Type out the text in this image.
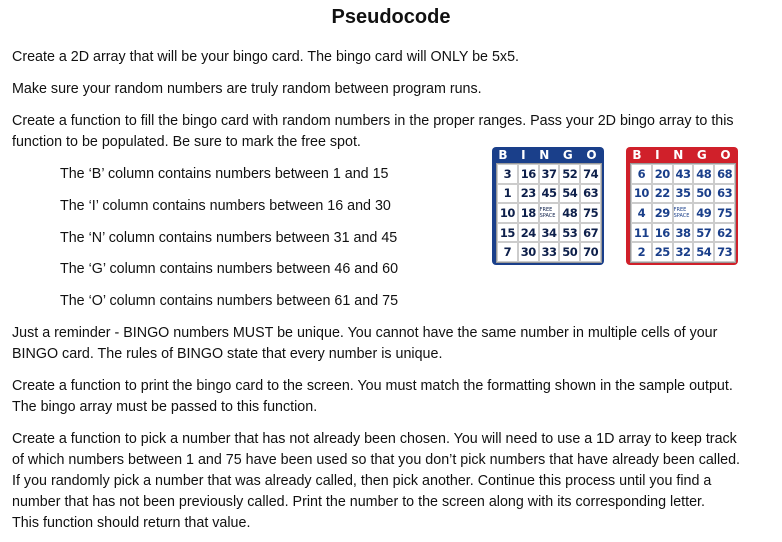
Pseudocode

Create a 2D array that will be your bingo card. The bingo card will ONLY be 5x5.

Make sure your random numbers are truly random between program runs.

Create a function to fill the bingo card with random numbers in the proper ranges. Pass your 2D bingo array to this

function to be populated. Be sure to mark the free spot.

The ‘B’ column contains numbers between 1 and 15

The ‘I’ column contains numbers between 16 and 30

The ‘N’ column contains numbers between 31 and 45

The ‘G’ column contains numbers between 46 and 60

The ‘O’ column contains numbers between 61 and 75

Just a reminder - BINGO numbers MUST be unique. You cannot have the same number in multiple cells of your

BINGO card. The rules of BINGO state that every number is unique.

Create a function to print the bingo card to the screen. You must match the formatting shown in the sample output.

The bingo array must be passed to this function.

Create a function to pick a number that has not already been chosen. You will need to use a 1D array to keep track

of which numbers between 1 and 75 have been used so that you don’t pick numbers that have already been called.

If you randomly pick a number that was already called, then pick another. Continue this process until you find a

number that has not been previously called. Print the number to the screen along with its corresponding letter.

This function should return that value.

B I N G O
3 16 37 52 74
1 23 45 54 63
10 18 FREE SPACE 48 75
15 24 34 53 67
7 30 33 50 70
B I N G O
6 20 43 48 68
10 22 35 50 63
4 29 FREE SPACE 49 75
11 16 38 57 62
2 25 32 54 73
